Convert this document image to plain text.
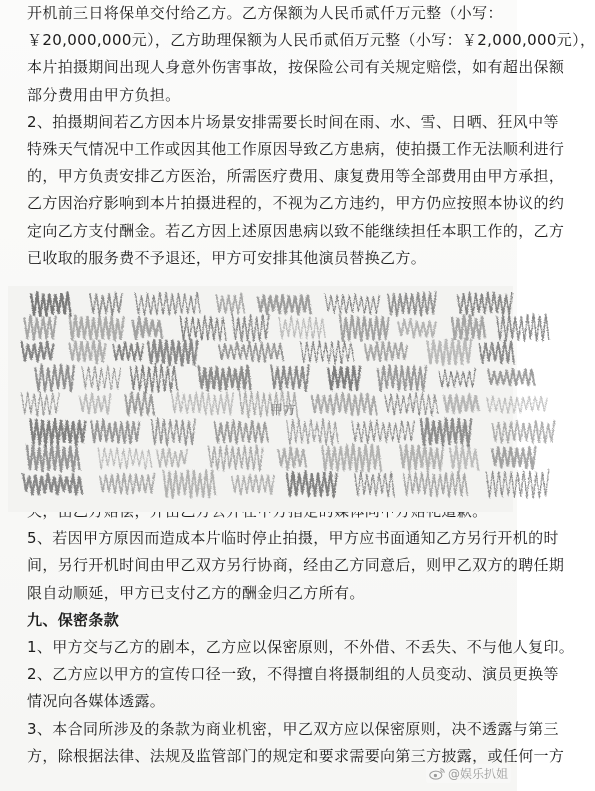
开机前三日将保单交付给乙方。乙方保额为人民币贰仟万元整（小写：
￥20,000,000元），乙方助理保额为人民币贰佰万元整（小写：￥2,000,000元），
本片拍摄期间出现人身意外伤害事故，按保险公司有关规定赔偿，如有超出保额
部分费用由甲方负担。
2、拍摄期间若乙方因本片场景安排需要长时间在雨、水、雪、日晒、狂风中等
特殊天气情况中工作或因其他工作原因导致乙方患病，使拍摄工作无法顺利进行
的，甲方负责安排乙方医治，所需医疗费用、康复费用等全部费用由甲方承担，
乙方因治疗影响到本片拍摄进程的，不视为乙方违约，甲方仍应按照本协议的约
定向乙方支付酬金。若乙方因上述原因患病以致不能继续担任本职工作的，乙方
已收取的服务费不予退还，甲方可安排其他演员替换乙方。
5、若因甲方原因而造成本片临时停止拍摄，甲方应书面通知乙方另行开机的时
间，另行开机时间由甲乙双方另行协商，经由乙方同意后，则甲乙双方的聘任期
限自动顺延，甲方已支付乙方的酬金归乙方所有。
九、保密条款
1、甲方交与乙方的剧本，乙方应以保密原则，不外借、不丢失、不与他人复印。
2、乙方应以甲方的宣传口径一致，不得擅自将摄制组的人员变动、演员更换等
情况向各媒体透露。
3、本合同所涉及的条款为商业机密，甲乙双方应以保密原则，决不透露与第三
方，除根据法律、法规及监管部门的规定和要求需要向第三方披露，或任何一方
甲方
@娱乐扒姐
